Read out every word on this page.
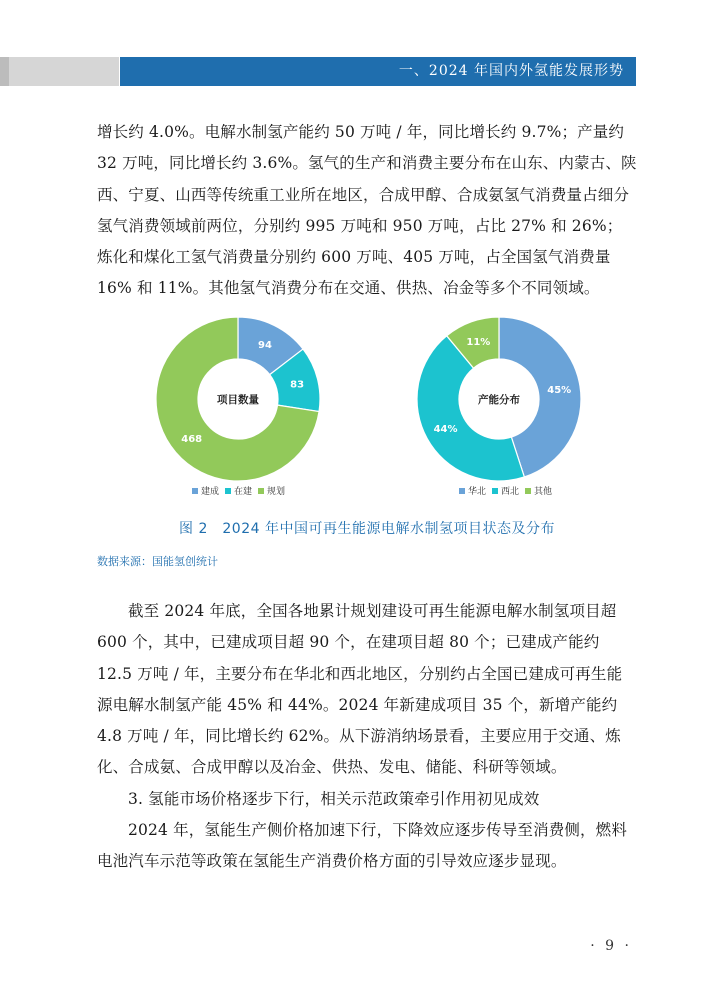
一、2024 年国内外氢能发展形势

增长约 4.0%。电解水制氢产能约 50 万吨 / 年，同比增长约 9.7%；产量约 32 万吨，同比增长约 3.6%。氢气的生产和消费主要分布在山东、内蒙古、陕西、宁夏、山西等传统重工业所在地区，合成甲醇、合成氨氢气消费量占细分氢气消费领域前两位，分别约 995 万吨和 950 万吨，占比 27% 和 26%；炼化和煤化工氢气消费量分别约 600 万吨、405 万吨，占全国氢气消费量 16% 和 11%。其他氢气消费分布在交通、供热、冶金等多个不同领域。

94
83
468
项目数量
45%
44%
11%
产能分布
建成 在建 规划	华北 西北 其他
图 2　2024 年中国可再生能源电解水制氢项目状态及分布
数据来源：国能氢创统计

截至 2024 年底，全国各地累计规划建设可再生能源电解水制氢项目超 600 个，其中，已建成项目超 90 个，在建项目超 80 个；已建成产能约 12.5 万吨 / 年，主要分布在华北和西北地区，分别约占全国已建成可再生能源电解水制氢产能 45% 和 44%。2024 年新建成项目 35 个，新增产能约 4.8 万吨 / 年，同比增长约 62%。从下游消纳场景看，主要应用于交通、炼化、合成氨、合成甲醇以及冶金、供热、发电、储能、科研等领域。

3. 氢能市场价格逐步下行，相关示范政策牵引作用初见成效

2024 年，氢能生产侧价格加速下行，下降效应逐步传导至消费侧，燃料电池汽车示范等政策在氢能生产消费价格方面的引导效应逐步显现。

· 9 ·
